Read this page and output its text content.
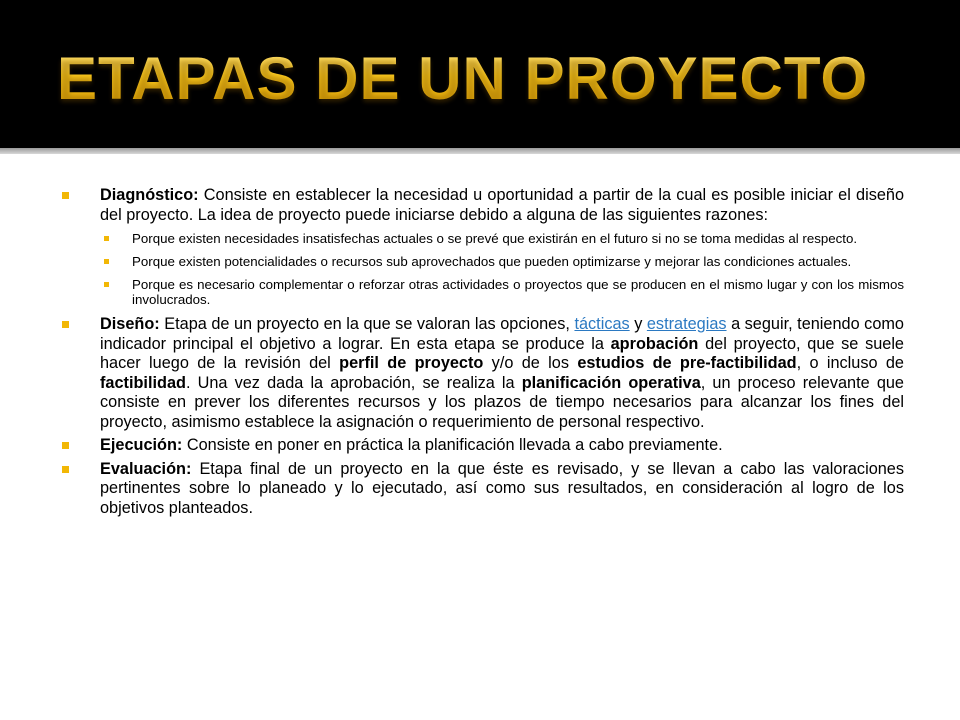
ETAPAS DE UN PROYECTO
Diagnóstico: Consiste en establecer la necesidad u oportunidad a partir de la cual es posible iniciar el diseño del proyecto. La idea de proyecto puede iniciarse debido a alguna de las siguientes razones:
Porque existen necesidades insatisfechas actuales o se prevé que existirán en el futuro si no se toma medidas al respecto.
Porque existen potencialidades o recursos sub aprovechados que pueden optimizarse y mejorar las condiciones actuales.
Porque es necesario complementar o reforzar otras actividades o proyectos que se producen en el mismo lugar y con los mismos involucrados.
Diseño: Etapa de un proyecto en la que se valoran las opciones, tácticas y estrategias a seguir, teniendo como indicador principal el objetivo a lograr. En esta etapa se produce la aprobación del proyecto, que se suele hacer luego de la revisión del perfil de proyecto y/o de los estudios de pre-factibilidad, o incluso de factibilidad. Una vez dada la aprobación, se realiza la planificación operativa, un proceso relevante que consiste en prever los diferentes recursos y los plazos de tiempo necesarios para alcanzar los fines del proyecto, asimismo establece la asignación o requerimiento de personal respectivo.
Ejecución: Consiste en poner en práctica la planificación llevada a cabo previamente.
Evaluación: Etapa final de un proyecto en la que éste es revisado, y se llevan a cabo las valoraciones pertinentes sobre lo planeado y lo ejecutado, así como sus resultados, en consideración al logro de los objetivos planteados.
